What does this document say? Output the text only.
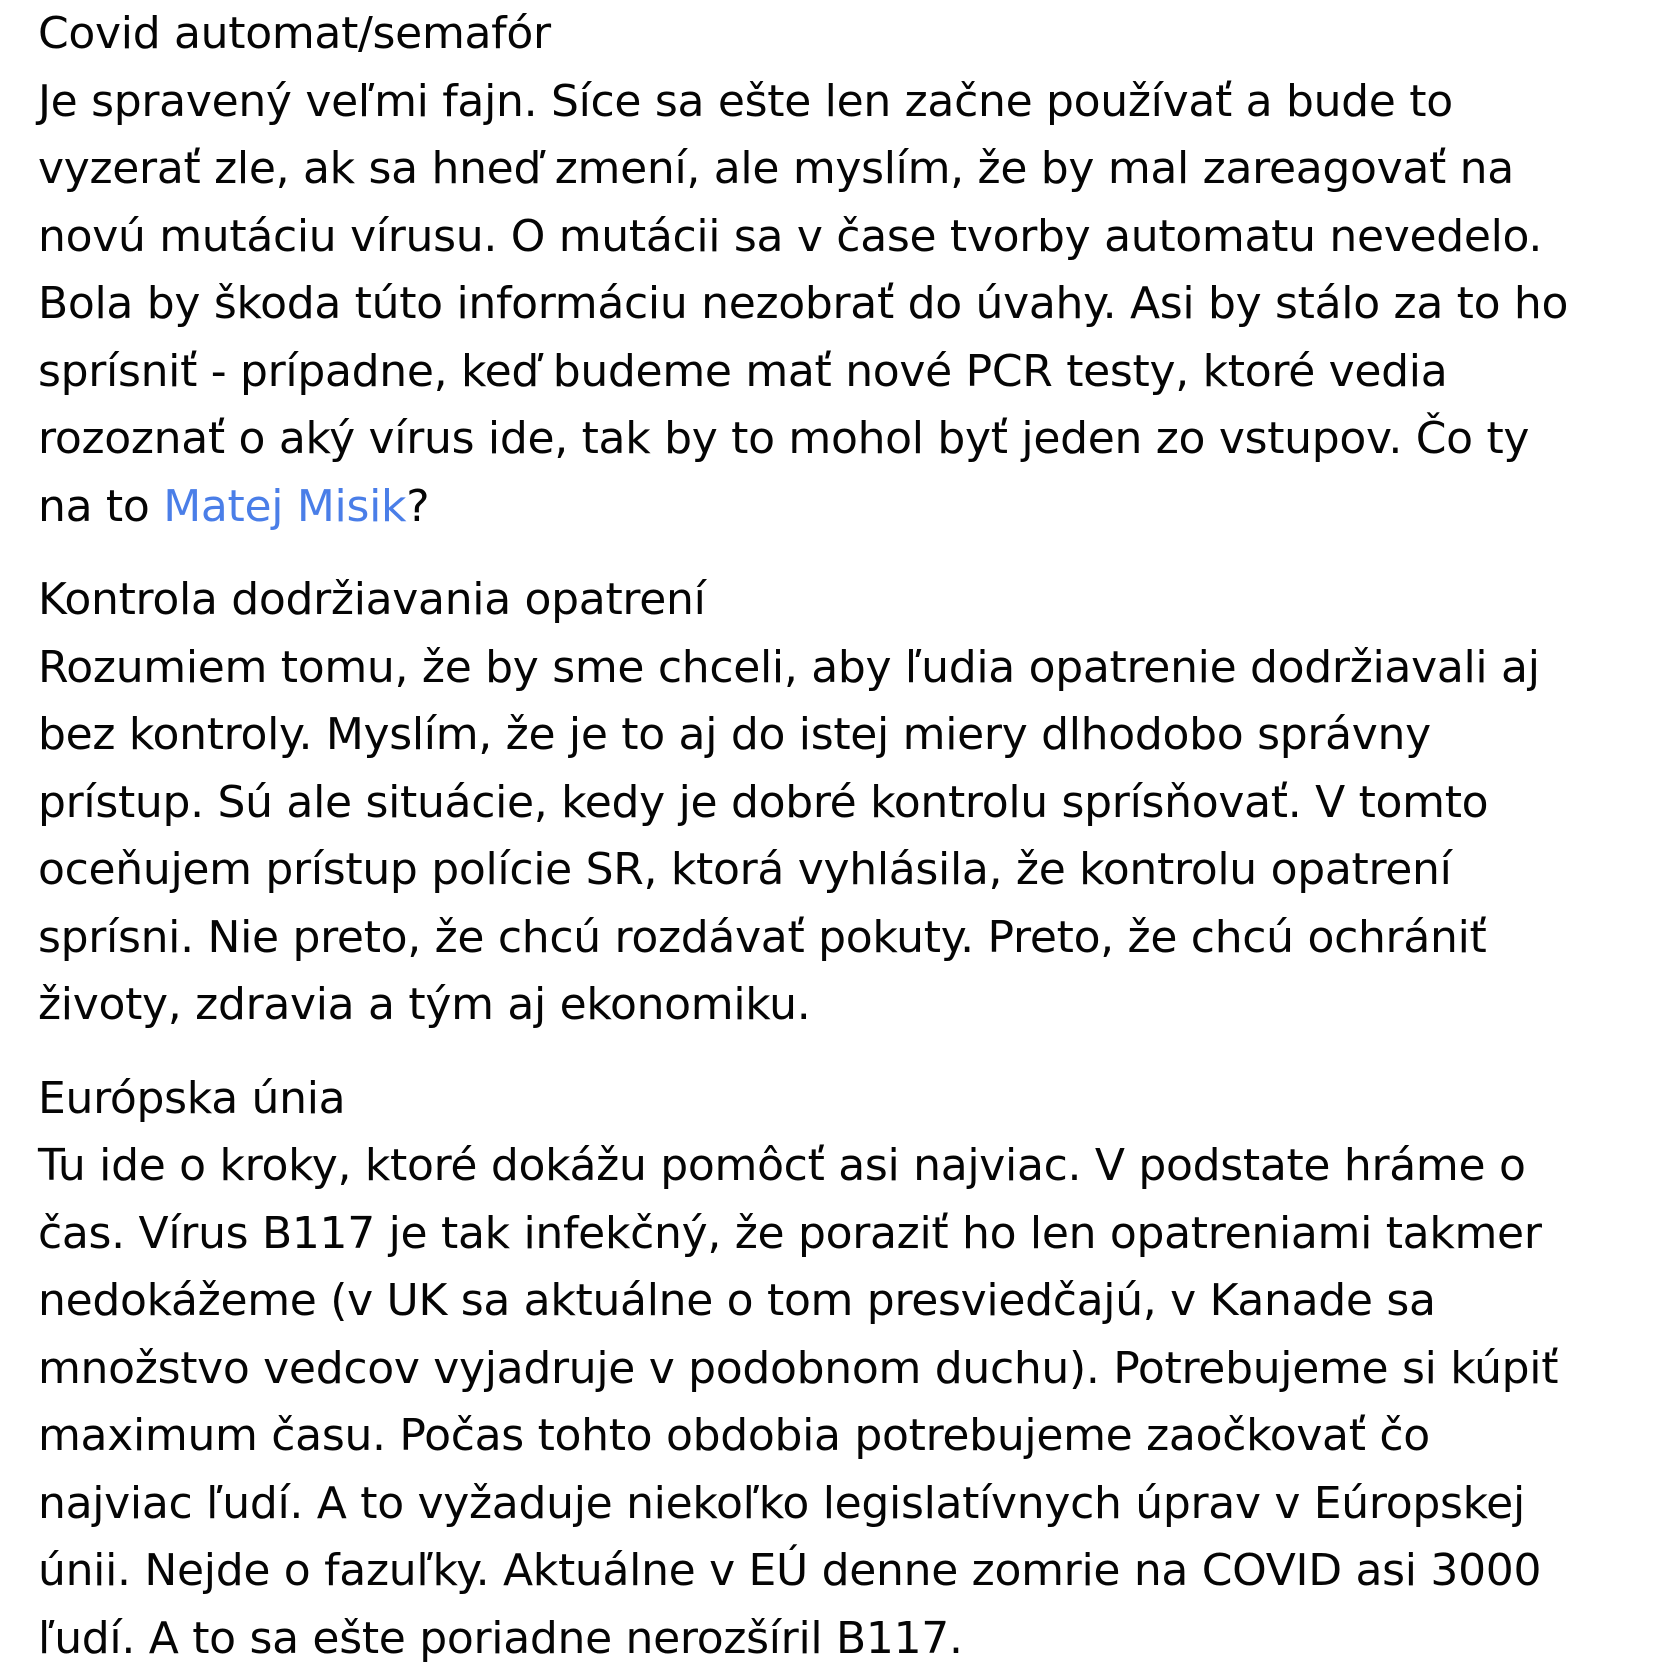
Covid automat/semafór
Je spravený veľmi fajn. Síce sa ešte len začne používať a bude to
vyzerať zle, ak sa hneď zmení, ale myslím, že by mal zareagovať na
novú mutáciu vírusu. O mutácii sa v čase tvorby automatu nevedelo.
Bola by škoda túto informáciu nezobrať do úvahy. Asi by stálo za to ho
sprísniť - prípadne, keď budeme mať nové PCR testy, ktoré vedia
rozoznať o aký vírus ide, tak by to mohol byť jeden zo vstupov. Čo ty
na to Matej Misik?
Kontrola dodržiavania opatrení
Rozumiem tomu, že by sme chceli, aby ľudia opatrenie dodržiavali aj
bez kontroly. Myslím, že je to aj do istej miery dlhodobo správny
prístup. Sú ale situácie, kedy je dobré kontrolu sprísňovať. V tomto
oceňujem prístup polície SR, ktorá vyhlásila, že kontrolu opatrení
sprísni. Nie preto, že chcú rozdávať pokuty. Preto, že chcú ochrániť
životy, zdravia a tým aj ekonomiku.
Európska únia
Tu ide o kroky, ktoré dokážu pomôcť asi najviac. V podstate hráme o
čas. Vírus B117 je tak infekčný, že poraziť ho len opatreniami takmer
nedokážeme (v UK sa aktuálne o tom presviedčajú, v Kanade sa
množstvo vedcov vyjadruje v podobnom duchu). Potrebujeme si kúpiť
maximum času. Počas tohto obdobia potrebujeme zaočkovať čo
najviac ľudí. A to vyžaduje niekoľko legislatívnych úprav v Eúropskej
únii. Nejde o fazuľky. Aktuálne v EÚ denne zomrie na COVID asi 3000
ľudí. A to sa ešte poriadne nerozšíril B117.
